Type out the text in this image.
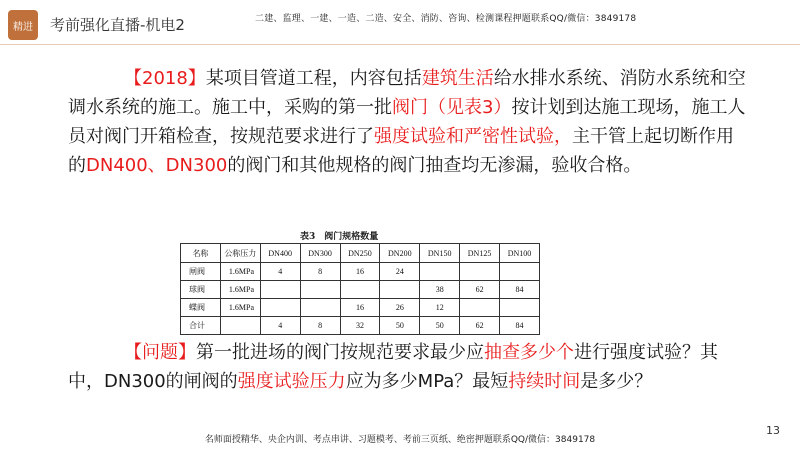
精进 考前强化直播-机电2	二建、监理、一建、一造、二造、安全、消防、咨询、检测课程押题联系QQ/微信：3849178

【2018】某项目管道工程，内容包括建筑生活给水排水系统、消防水系统和空调水系统的施工。施工中，采购的第一批阀门（见表3）按计划到达施工现场，施工人员对阀门开箱检查，按规范要求进行了强度试验和严密性试验，主干管上起切断作用的DN400、DN300的阀门和其他规格的阀门抽查均无渗漏，验收合格。

表3　阀门规格数量
名称	公称压力	DN400	DN300	DN250	DN200	DN150	DN125	DN100
闸阀	1.6MPa	4	8	16	24			
球阀	1.6MPa					38	62	84
蝶阀	1.6MPa			16	26	12		
合计		4	8	32	50	50	62	84

【问题】第一批进场的阀门按规范要求最少应抽查多少个进行强度试验？其中，DN300的闸阀的强度试验压力应为多少MPa？最短持续时间是多少？

13
名师面授精华、央企内训、考点串讲、习题模考、考前三页纸、绝密押题联系QQ/微信：3849178
